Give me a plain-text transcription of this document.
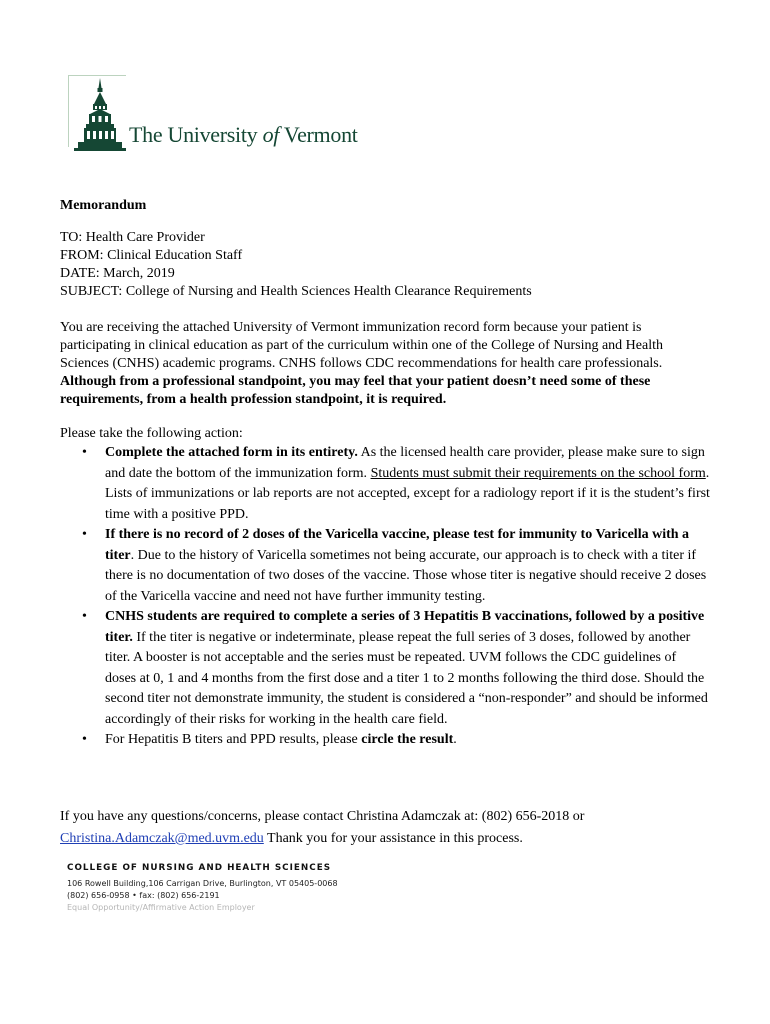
The University of Vermont
Memorandum
TO: Health Care Provider
FROM: Clinical Education Staff
DATE: March, 2019
SUBJECT: College of Nursing and Health Sciences Health Clearance Requirements
You are receiving the attached University of Vermont immunization record form because your patient is participating in clinical education as part of the curriculum within one of the College of Nursing and Health Sciences (CNHS) academic programs. CNHS follows CDC recommendations for health care professionals. Although from a professional standpoint, you may feel that your patient doesn’t need some of these requirements, from a health profession standpoint, it is required.
Please take the following action:
• Complete the attached form in its entirety. As the licensed health care provider, please make sure to sign and date the bottom of the immunization form. Students must submit their requirements on the school form. Lists of immunizations or lab reports are not accepted, except for a radiology report if it is the student’s first time with a positive PPD.
• If there is no record of 2 doses of the Varicella vaccine, please test for immunity to Varicella with a titer. Due to the history of Varicella sometimes not being accurate, our approach is to check with a titer if there is no documentation of two doses of the vaccine. Those whose titer is negative should receive 2 doses of the Varicella vaccine and need not have further immunity testing.
• CNHS students are required to complete a series of 3 Hepatitis B vaccinations, followed by a positive titer. If the titer is negative or indeterminate, please repeat the full series of 3 doses, followed by another titer. A booster is not acceptable and the series must be repeated. UVM follows the CDC guidelines of doses at 0, 1 and 4 months from the first dose and a titer 1 to 2 months following the third dose. Should the second titer not demonstrate immunity, the student is considered a “non-responder” and should be informed accordingly of their risks for working in the health care field.
• For Hepatitis B titers and PPD results, please circle the result.
If you have any questions/concerns, please contact Christina Adamczak at: (802) 656-2018 or
Christina.Adamczak@med.uvm.edu Thank you for your assistance in this process.
COLLEGE OF NURSING AND HEALTH SCIENCES
106 Rowell Building,106 Carrigan Drive, Burlington, VT 05405-0068
(802) 656-0958 • fax: (802) 656-2191
Equal Opportunity/Affirmative Action Employer
